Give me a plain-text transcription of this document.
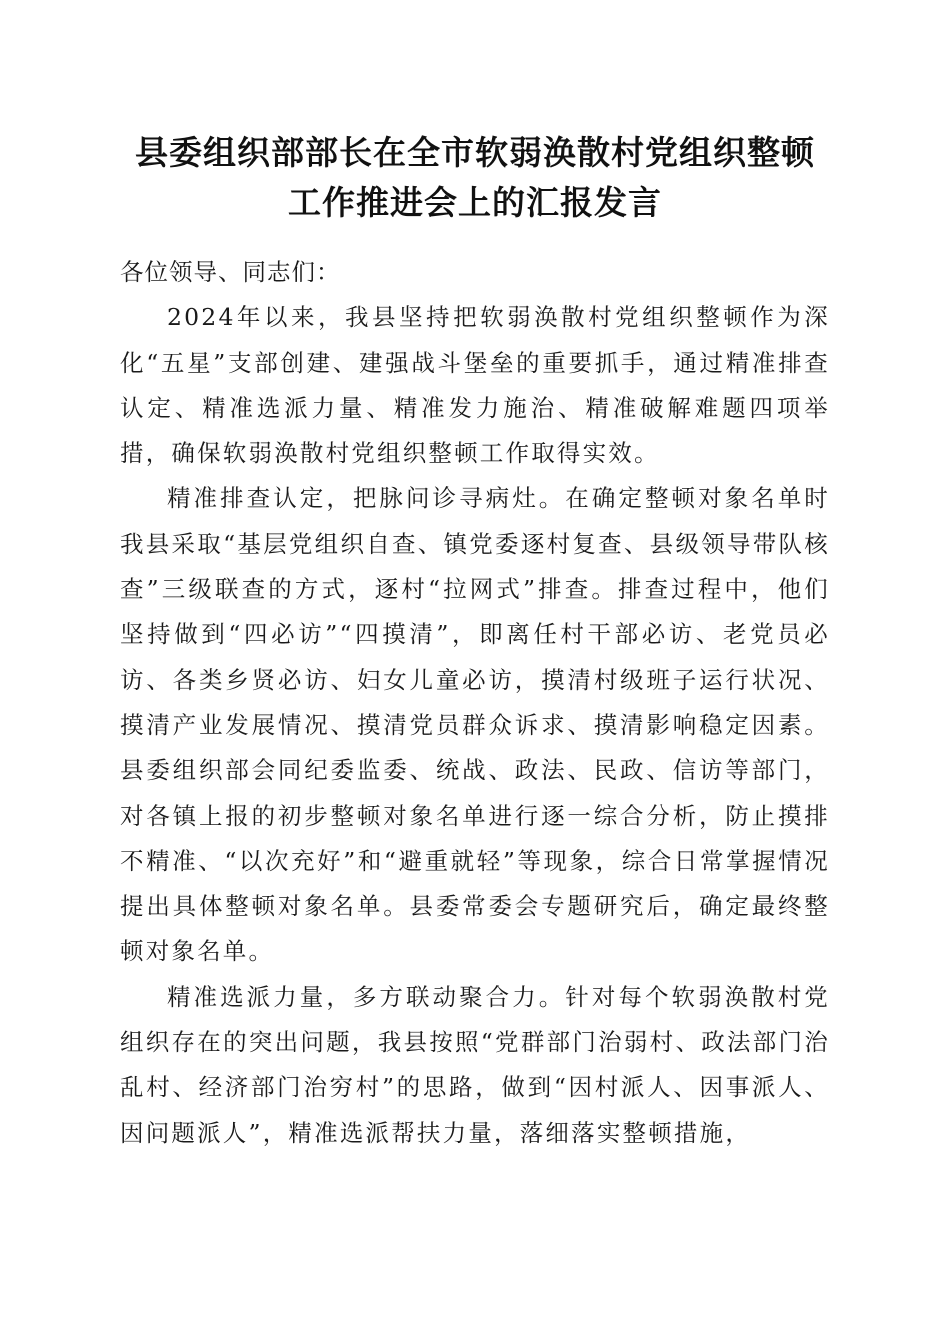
县委组织部部长在全市软弱涣散村党组织整顿
工作推进会上的汇报发言

各位领导、同志们：

2024年以来，我县坚持把软弱涣散村党组织整顿作为深化“五星”支部创建、建强战斗堡垒的重要抓手，通过精准排查认定、精准选派力量、精准发力施治、精准破解难题四项举措，确保软弱涣散村党组织整顿工作取得实效。

精准排查认定，把脉问诊寻病灶。在确定整顿对象名单时我县采取“基层党组织自查、镇党委逐村复查、县级领导带队核查”三级联查的方式，逐村“拉网式”排查。排查过程中，他们坚持做到“四必访”“四摸清”，即离任村干部必访、老党员必访、各类乡贤必访、妇女儿童必访，摸清村级班子运行状况、摸清产业发展情况、摸清党员群众诉求、摸清影响稳定因素。县委组织部会同纪委监委、统战、政法、民政、信访等部门，对各镇上报的初步整顿对象名单进行逐一综合分析，防止摸排不精准、“以次充好”和“避重就轻”等现象，综合日常掌握情况提出具体整顿对象名单。县委常委会专题研究后，确定最终整顿对象名单。

精准选派力量，多方联动聚合力。针对每个软弱涣散村党组织存在的突出问题，我县按照“党群部门治弱村、政法部门治乱村、经济部门治穷村”的思路，做到“因村派人、因事派人、因问题派人”，精准选派帮扶力量，落细落实整顿措施，
